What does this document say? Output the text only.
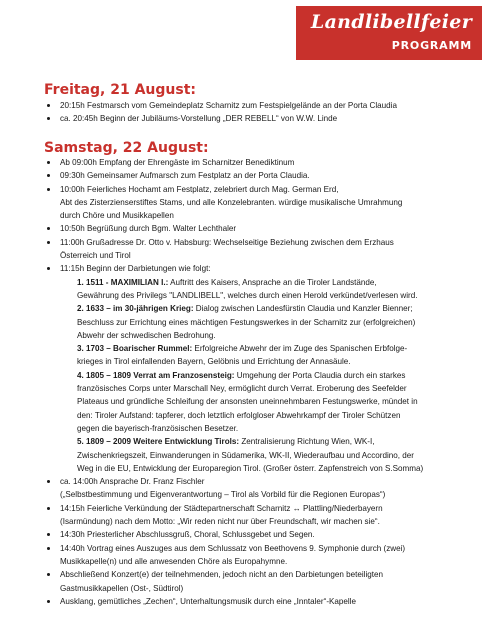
Landlibellfeier
PROGRAMM
Freitag, 21 August:
20:15h Festmarsch vom Gemeindeplatz Scharnitz zum Festspielgelände an der Porta Claudia
ca. 20:45h Beginn der Jubiläums-Vorstellung „DER REBELL“ von W.W. Linde
Samstag, 22 August:
Ab 09:00h Empfang der Ehrengäste im Scharnitzer Benediktinum
09:30h Gemeinsamer Aufmarsch zum Festplatz an der Porta Claudia.
10:00h Feierliches Hochamt am Festplatz, zelebriert durch Mag. German Erd,
Abt des Zisterzienserstiftes Stams, und alle Konzelebranten. würdige musikalische Umrahmung
durch Chöre und Musikkapellen
10:50h Begrüßung durch Bgm. Walter Lechthaler
11:00h Grußadresse Dr. Otto v. Habsburg: Wechselseitige Beziehung zwischen dem Erzhaus
Österreich und Tirol
11:15h Beginn der Darbietungen wie folgt:
1. 1511 - MAXIMILIAN I.: Auftritt des Kaisers, Ansprache an die Tiroler Landstände,
Gewährung des Privilegs "LANDLIBELL", welches durch einen Herold verkündet/verlesen wird.
2. 1633 – im 30-jährigen Krieg: Dialog zwischen Landesfürstin Claudia und Kanzler Bienner;
Beschluss zur Errichtung eines mächtigen Festungswerkes in der Scharnitz zur (erfolgreichen)
Abwehr der schwedischen Bedrohung.
3. 1703 – Boarischer Rummel: Erfolgreiche Abwehr der im Zuge des Spanischen Erbfolge-
krieges in Tirol einfallenden Bayern, Gelöbnis und Errichtung der Annasäule.
4. 1805 – 1809 Verrat am Franzosensteig: Umgehung der Porta Claudia durch ein starkes
französisches Corps unter Marschall Ney, ermöglicht durch Verrat. Eroberung des Seefelder
Plateaus und gründliche Schleifung der ansonsten uneinnehmbaren Festungswerke, mündet in
den: Tiroler Aufstand: tapferer, doch letztlich erfolgloser Abwehrkampf der Tiroler Schützen
gegen die bayerisch-französischen Besetzer.
5. 1809 – 2009 Weitere Entwicklung Tirols: Zentralisierung Richtung Wien, WK-I,
Zwischenkriegszeit, Einwanderungen in Südamerika, WK-II, Wiederaufbau und Accordino, der
Weg in die EU, Entwicklung der Europaregion Tirol. (Großer österr. Zapfenstreich von S.Somma)
ca. 14:00h Ansprache Dr. Franz Fischler
(„Selbstbestimmung und Eigenverantwortung – Tirol als Vorbild für die Regionen Europas“)
14:15h Feierliche Verkündung der Städtepartnerschaft Scharnitz ↔ Plattling/Niederbayern
(Isarmündung) nach dem Motto: „Wir reden nicht nur über Freundschaft, wir machen sie“.
14:30h Priesterlicher Abschlussgruß, Choral, Schlussgebet und Segen.
14:40h Vortrag eines Auszuges aus dem Schlussatz von Beethovens 9. Symphonie durch (zwei)
Musikkapelle(n) und alle anwesenden Chöre als Europahymne.
Abschließend Konzert(e) der teilnehmenden, jedoch nicht an den Darbietungen beteiligten
Gastmusikkapellen (Ost-, Südtirol)
Ausklang, gemütliches „Zechen“, Unterhaltungsmusik durch eine „Inntaler“-Kapelle
